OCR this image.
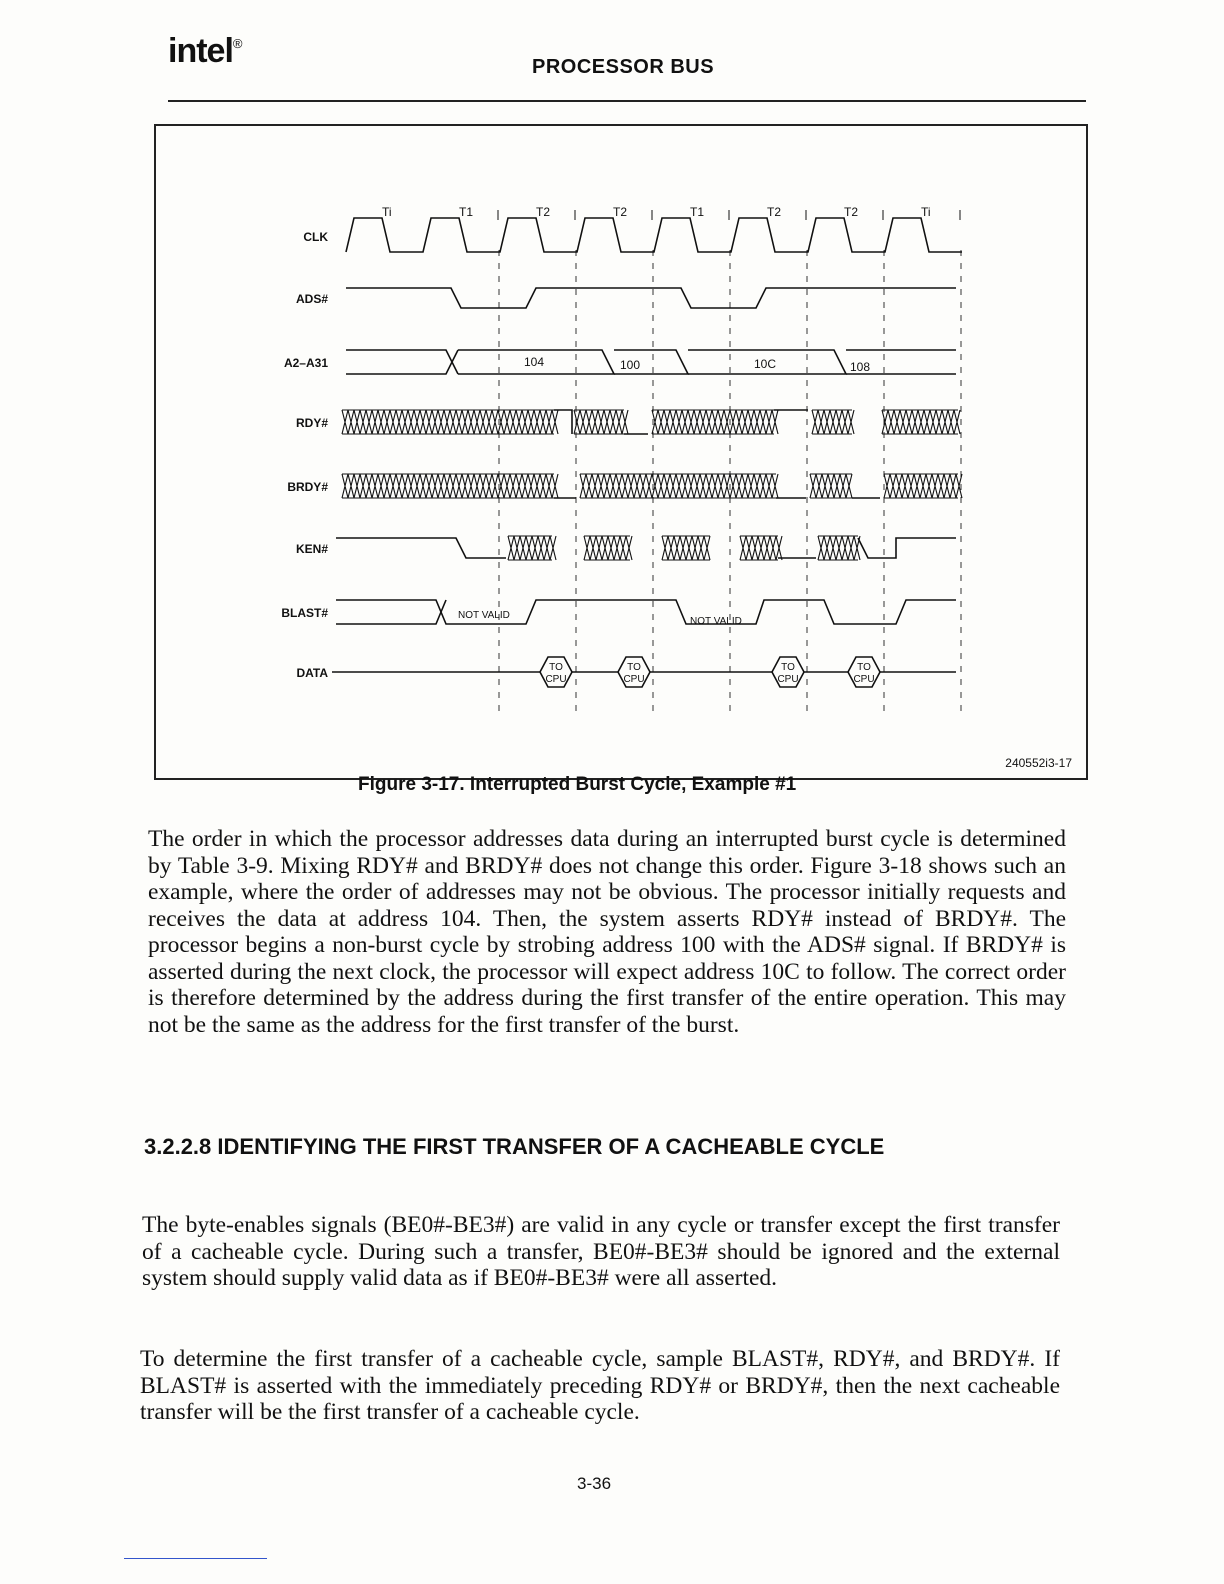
intel®
PROCESSOR BUS
CLK
ADS#
A2–A31
RDY#
BRDY#
KEN#
BLAST#
DATA
Ti	T1	T2	T2	T1	T2	T2	Ti
104	100	10C	108
NOT VALID
NOT VALID
TO
CPU
TO
CPU
TO
CPU
TO
CPU
240552i3-17
Figure 3-17. Interrupted Burst Cycle, Example #1

The order in which the processor addresses data during an interrupted burst cycle is determined by Table 3-9. Mixing RDY# and BRDY# does not change this order. Figure 3-18 shows such an example, where the order of addresses may not be obvious. The processor initially requests and receives the data at address 104. Then, the system asserts RDY# instead of BRDY#. The processor begins a non-burst cycle by strobing address 100 with the ADS# signal. If BRDY# is asserted during the next clock, the processor will expect address 10C to follow. The correct order is therefore determined by the address during the first transfer of the entire operation. This may not be the same as the address for the first transfer of the burst.

3.2.2.8 IDENTIFYING THE FIRST TRANSFER OF A CACHEABLE CYCLE

The byte-enables signals (BE0#-BE3#) are valid in any cycle or transfer except the first transfer of a cacheable cycle. During such a transfer, BE0#-BE3# should be ignored and the external system should supply valid data as if BE0#-BE3# were all asserted.

To determine the first transfer of a cacheable cycle, sample BLAST#, RDY#, and BRDY#. If BLAST# is asserted with the immediately preceding RDY# or BRDY#, then the next cacheable transfer will be the first transfer of a cacheable cycle.

3-36
